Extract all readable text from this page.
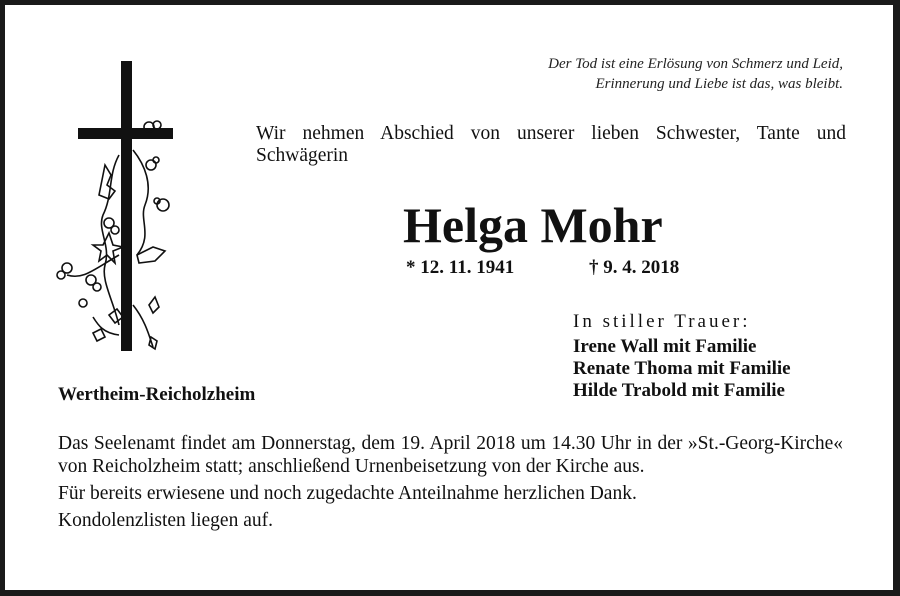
Der Tod ist eine Erlösung von Schmerz und Leid,
Erinnerung und Liebe ist das, was bleibt.
Wir nehmen Abschied von unserer lieben Schwester, Tante und Schwägerin
Helga Mohr
* 12. 11. 1941	† 9. 4. 2018
In stiller Trauer:
Irene Wall mit Familie
Renate Thoma mit Familie
Hilde Trabold mit Familie
Wertheim-Reicholzheim

Das Seelenamt findet am Donnerstag, dem 19. April 2018 um 14.30 Uhr in der »St.-Georg-Kirche« von Reicholzheim statt; anschließend Urnenbeisetzung von der Kirche aus.

Für bereits erwiesene und noch zugedachte Anteilnahme herzlichen Dank.

Kondolenzlisten liegen auf.
